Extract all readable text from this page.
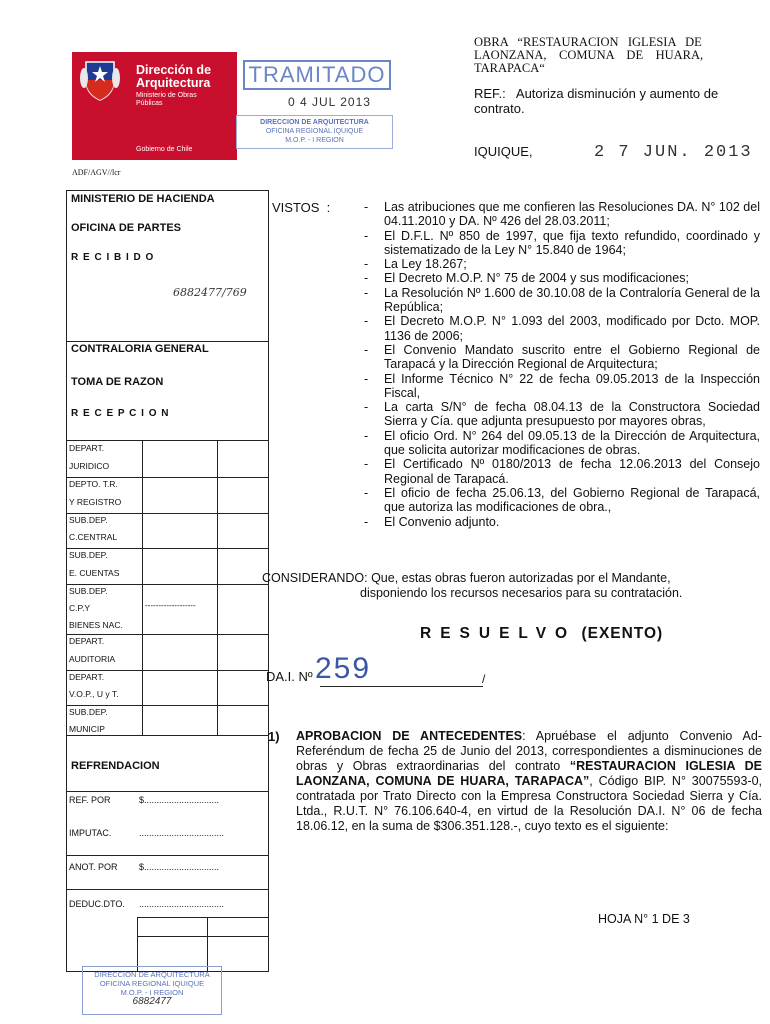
Dirección de
Arquitectura
Ministerio de Obras
Públicas
Gobierno de Chile
TRAMITADO
0 4 JUL 2013
DIRECCION DE ARQUITECTURA
OFICINA REGIONAL IQUIQUE
M.O.P. - I REGION
ADF/AGV//lcr
MINISTERIO DE HACIENDA
OFICINA DE PARTES
R E C I B I D O
6882477/769
CONTRALORIA GENERAL
TOMA DE RAZON
R E C E P C I O N
DEPART.
JURIDICO
DEPTO. T.R.
Y REGISTRO
SUB.DEP.
C.CENTRAL
SUB.DEP.
E. CUENTAS
SUB.DEP.
C.P.Y	-------------------
BIENES NAC.
DEPART.
AUDITORIA
DEPART.
V.O.P., U y T.
SUB.DEP.
MUNICIP
REFRENDACION
REF. POR	$..............................
IMPUTAC.	..................................
ANOT. POR $..............................
DEDUC.DTO. ..................................
OBRA   “RESTAURACION   IGLESIA   DE
LAONZANA,    COMUNA    DE    HUARA,
TARAPACA“
REF.:   Autoriza disminución y aumento de contrato.
IQUIQUE,	2 7 JUN. 2013
VISTOS  :
-	Las atribuciones que me confieren las Resoluciones DA. N° 102 del 04.11.2010 y DA. Nº 426 del 28.03.2011;
- El D.F.L. Nº 850 de 1997, que fija texto refundido, coordinado y sistematizado de la Ley N° 15.840 de 1964;
- La Ley 18.267;
- El Decreto M.O.P. N° 75 de 2004 y sus modificaciones;
- La Resolución Nº 1.600 de 30.10.08 de la Contraloría General de la República;
- El Decreto M.O.P. N° 1.093 del 2003, modificado por Dcto. MOP. 1136 de 2006;
- El Convenio Mandato suscrito entre el Gobierno Regional de Tarapacá y la Dirección Regional de Arquitectura;
- El Informe Técnico N° 22 de fecha 09.05.2013 de la Inspección Fiscal,
- La carta S/N° de fecha 08.04.13 de la Constructora Sociedad Sierra y Cía. que adjunta presupuesto por mayores obras,
- El oficio Ord. N° 264 del 09.05.13 de la Dirección de Arquitectura, que solicita autorizar modificaciones de obras.
- El Certificado Nº 0180/2013 de fecha 12.06.2013 del Consejo Regional de Tarapacá.
- El oficio de fecha 25.06.13, del Gobierno Regional de Tarapacá, que autoriza las modificaciones de obra.,
- El Convenio adjunto.
CONSIDERANDO: Que, estas obras fueron autorizadas por el Mandante,
disponiendo los recursos necesarios para su contratación.
RESUELVO (EXENTO)
DA.I. Nº 259	/
1) APROBACION DE ANTECEDENTES: Apruébase el adjunto Convenio Ad-Referéndum de fecha 25 de Junio del 2013, correspondientes a disminuciones de obras y Obras extraordinarias del contrato “RESTAURACION IGLESIA DE LAONZANA, COMUNA DE HUARA, TARAPACA”, Código BIP. N° 30075593-0, contratada por Trato Directo con la Empresa Constructora Sociedad Sierra y Cía. Ltda., R.U.T. N° 76.106.640-4, en virtud de la Resolución DA.I. N° 06 de fecha 18.06.12, en la suma de $306.351.128.-, cuyo texto es el siguiente:
HOJA N° 1 DE 3
DIRECCION DE ARQUITECTURA
OFICINA REGIONAL IQUIQUE
M.O.P. - I REGION
6882477
